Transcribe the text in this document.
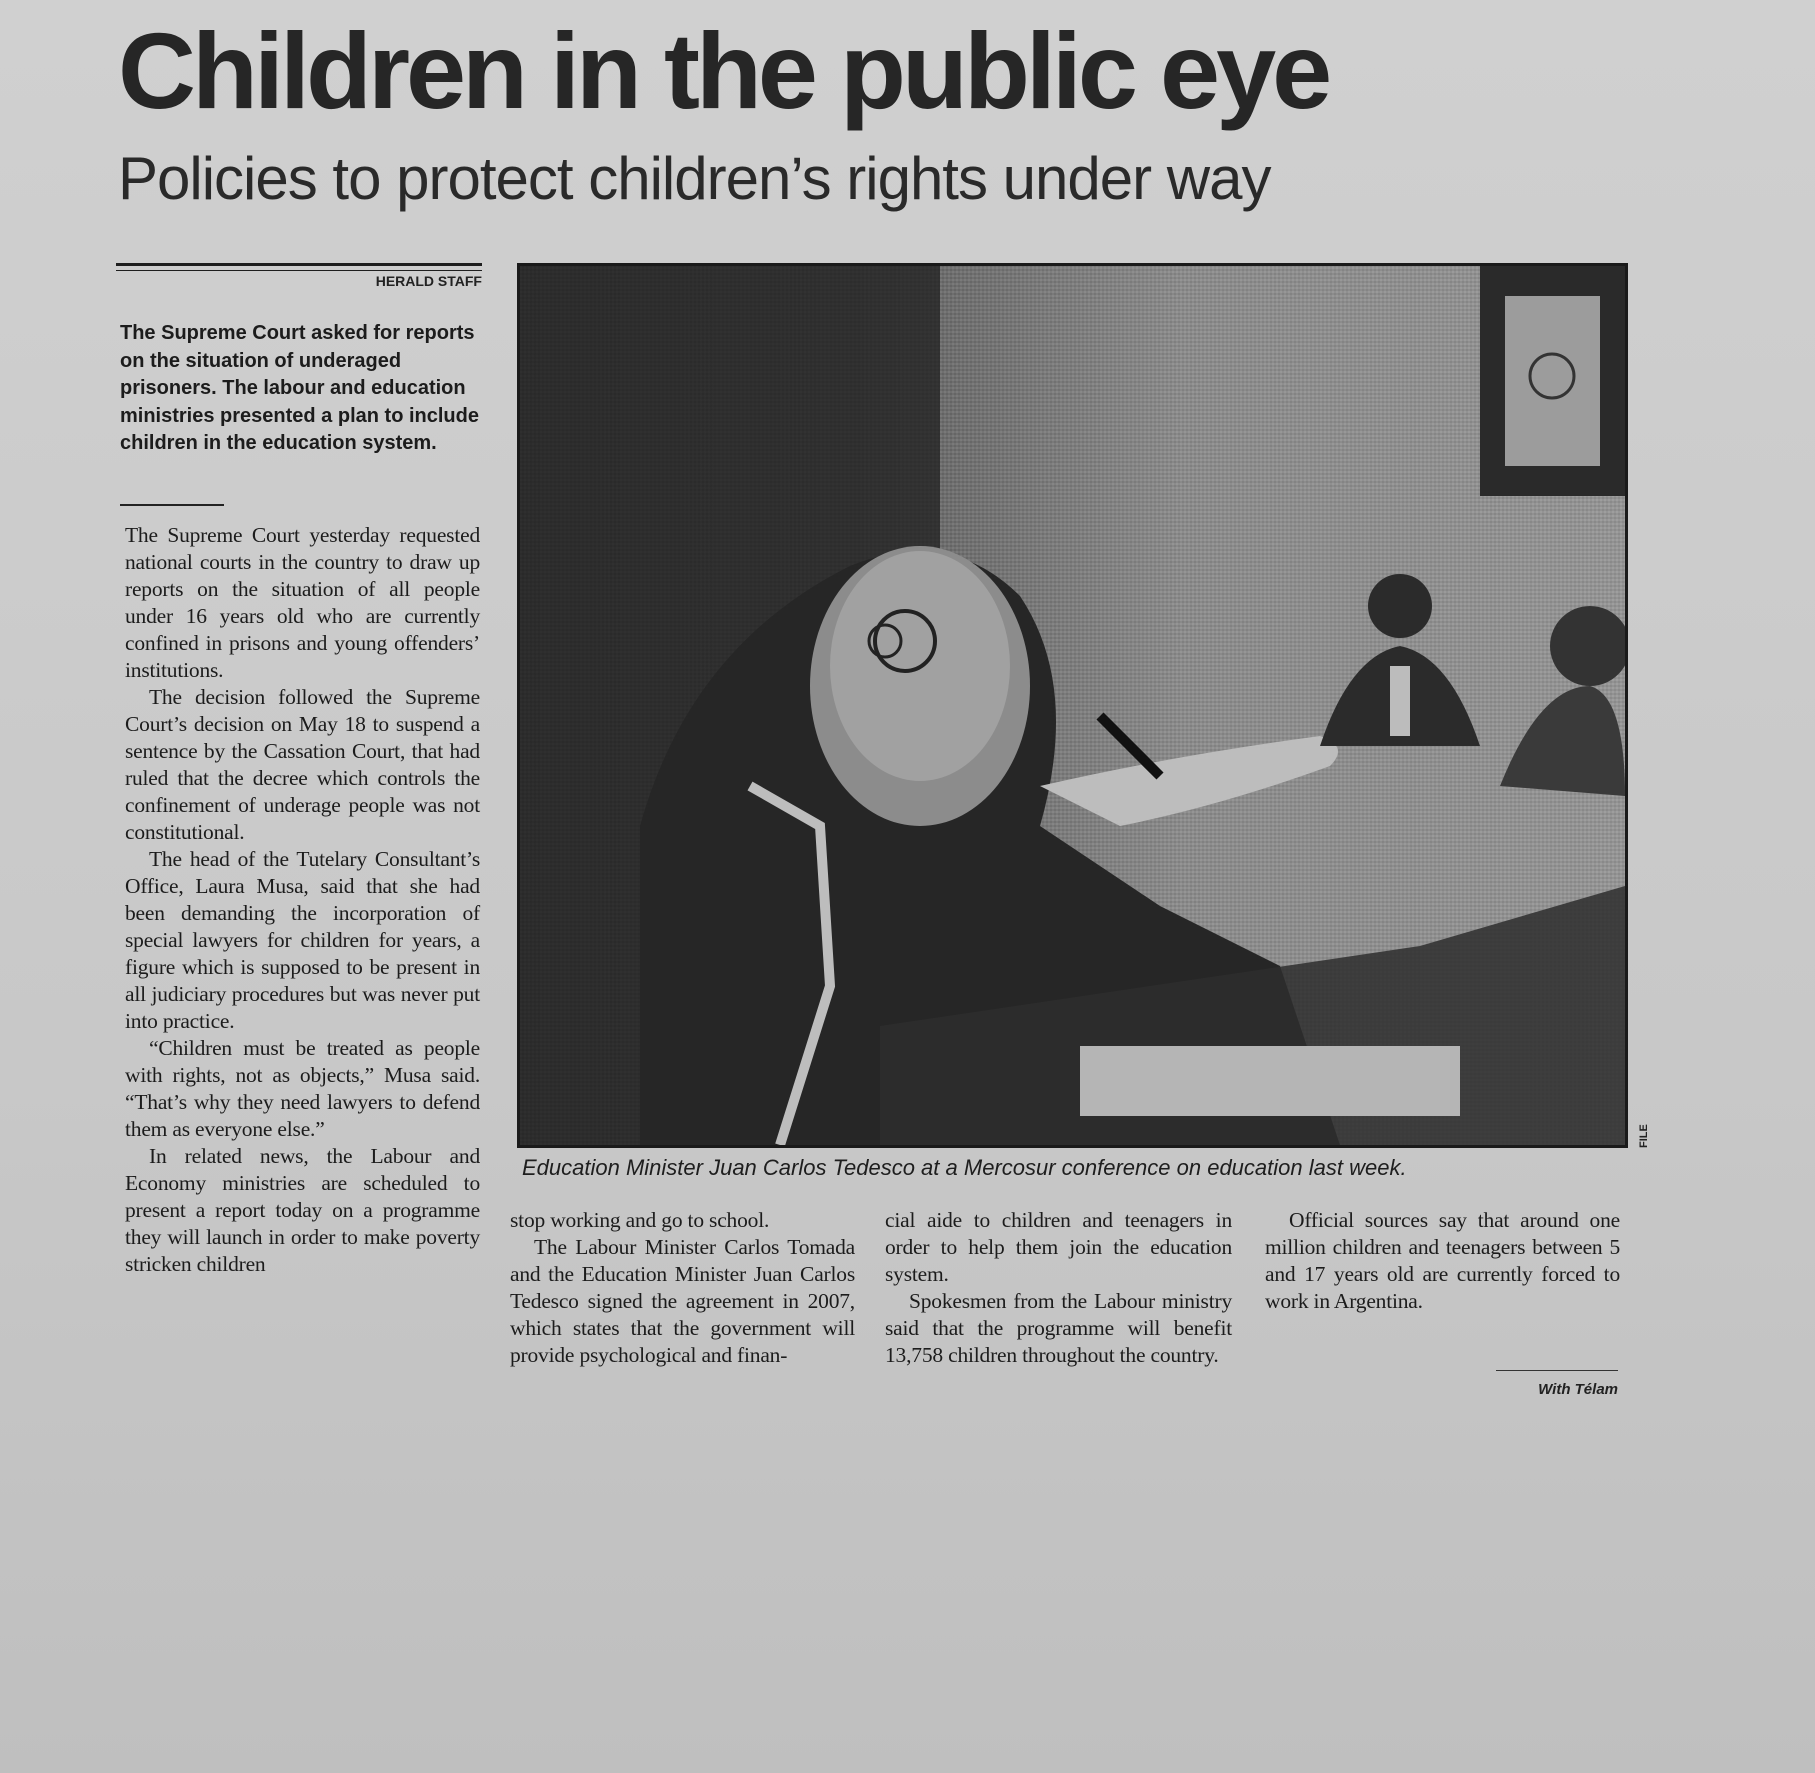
Children in the public eye
Policies to protect children’s rights under way
HERALD STAFF

The Supreme Court asked for reports on the situation of underaged prisoners. The labour and education ministries presented a plan to include children in the education system.

The Supreme Court yesterday requested national courts in the country to draw up reports on the situation of all people under 16 years old who are currently confined in prisons and young offenders’ institutions.

The decision followed the Supreme Court’s decision on May 18 to suspend a sentence by the Cassation Court, that had ruled that the decree which controls the confinement of underage people was not constitutional.

The head of the Tutelary Consultant’s Office, Laura Musa, said that she had been demanding the incorporation of special lawyers for children for years, a figure which is supposed to be present in all judiciary procedures but was never put into practice.

“Children must be treated as people with rights, not as objects,” Musa said. “That’s why they need lawyers to defend them as everyone else.”

In related news, the Labour and Economy ministries are scheduled to present a report today on a programme they will launch in order to make poverty stricken children

FILE

Education Minister Juan Carlos Tedesco at a Mercosur conference on education last week.

stop working and go to school.

The Labour Minister Carlos Tomada and the Education Minister Juan Carlos Tedesco signed the agreement in 2007, which states that the government will provide psychological and finan-

cial aide to children and teenagers in order to help them join the education system.

Spokesmen from the Labour ministry said that the programme will benefit 13,758 children throughout the country.

Official sources say that around one million children and teenagers between 5 and 17 years old are currently forced to work in Argentina.

With Télam
